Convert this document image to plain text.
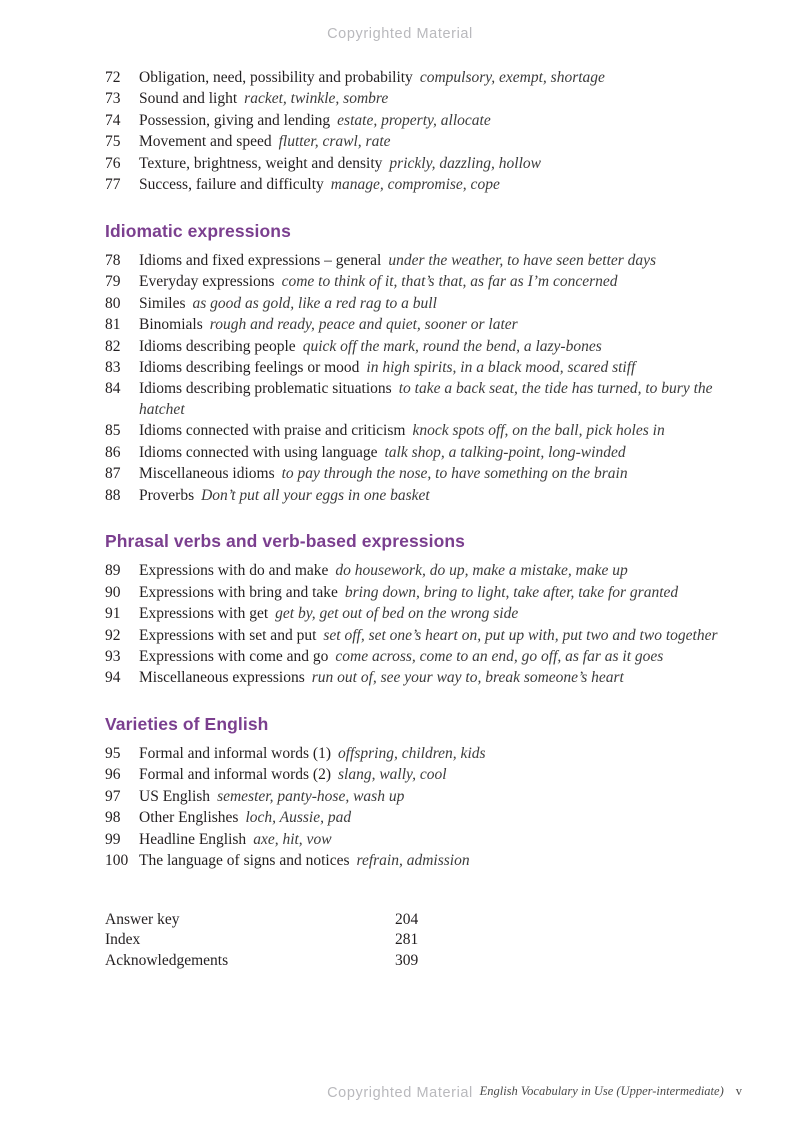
Copyrighted Material
72	Obligation, need, possibility and probability compulsory, exempt, shortage
73	Sound and light racket, twinkle, sombre
74	Possession, giving and lending estate, property, allocate
75	Movement and speed flutter, crawl, rate
76	Texture, brightness, weight and density prickly, dazzling, hollow
77	Success, failure and difficulty manage, compromise, cope
Idiomatic expressions
78	Idioms and fixed expressions – general under the weather, to have seen better days
79	Everyday expressions come to think of it, that’s that, as far as I’m concerned
80	Similes as good as gold, like a red rag to a bull
81	Binomials rough and ready, peace and quiet, sooner or later
82	Idioms describing people quick off the mark, round the bend, a lazy-bones
83	Idioms describing feelings or mood in high spirits, in a black mood, scared stiff
84	Idioms describing problematic situations to take a back seat, the tide has turned, to bury the hatchet
85	Idioms connected with praise and criticism knock spots off, on the ball, pick holes in
86	Idioms connected with using language talk shop, a talking-point, long-winded
87	Miscellaneous idioms to pay through the nose, to have something on the brain
88	Proverbs Don’t put all your eggs in one basket
Phrasal verbs and verb-based expressions
89	Expressions with do and make do housework, do up, make a mistake, make up
90	Expressions with bring and take bring down, bring to light, take after, take for granted
91	Expressions with get get by, get out of bed on the wrong side
92	Expressions with set and put set off, set one’s heart on, put up with, put two and two together
93	Expressions with come and go come across, come to an end, go off, as far as it goes
94	Miscellaneous expressions run out of, see your way to, break someone’s heart
Varieties of English
95	Formal and informal words (1) offspring, children, kids
96	Formal and informal words (2) slang, wally, cool
97	US English semester, panty-hose, wash up
98	Other Englishes loch, Aussie, pad
99	Headline English axe, hit, vow
100 The language of signs and notices refrain, admission
Answer key	204
Index	281
Acknowledgements	309
Copyrighted Material English Vocabulary in Use (Upper-intermediate) v
